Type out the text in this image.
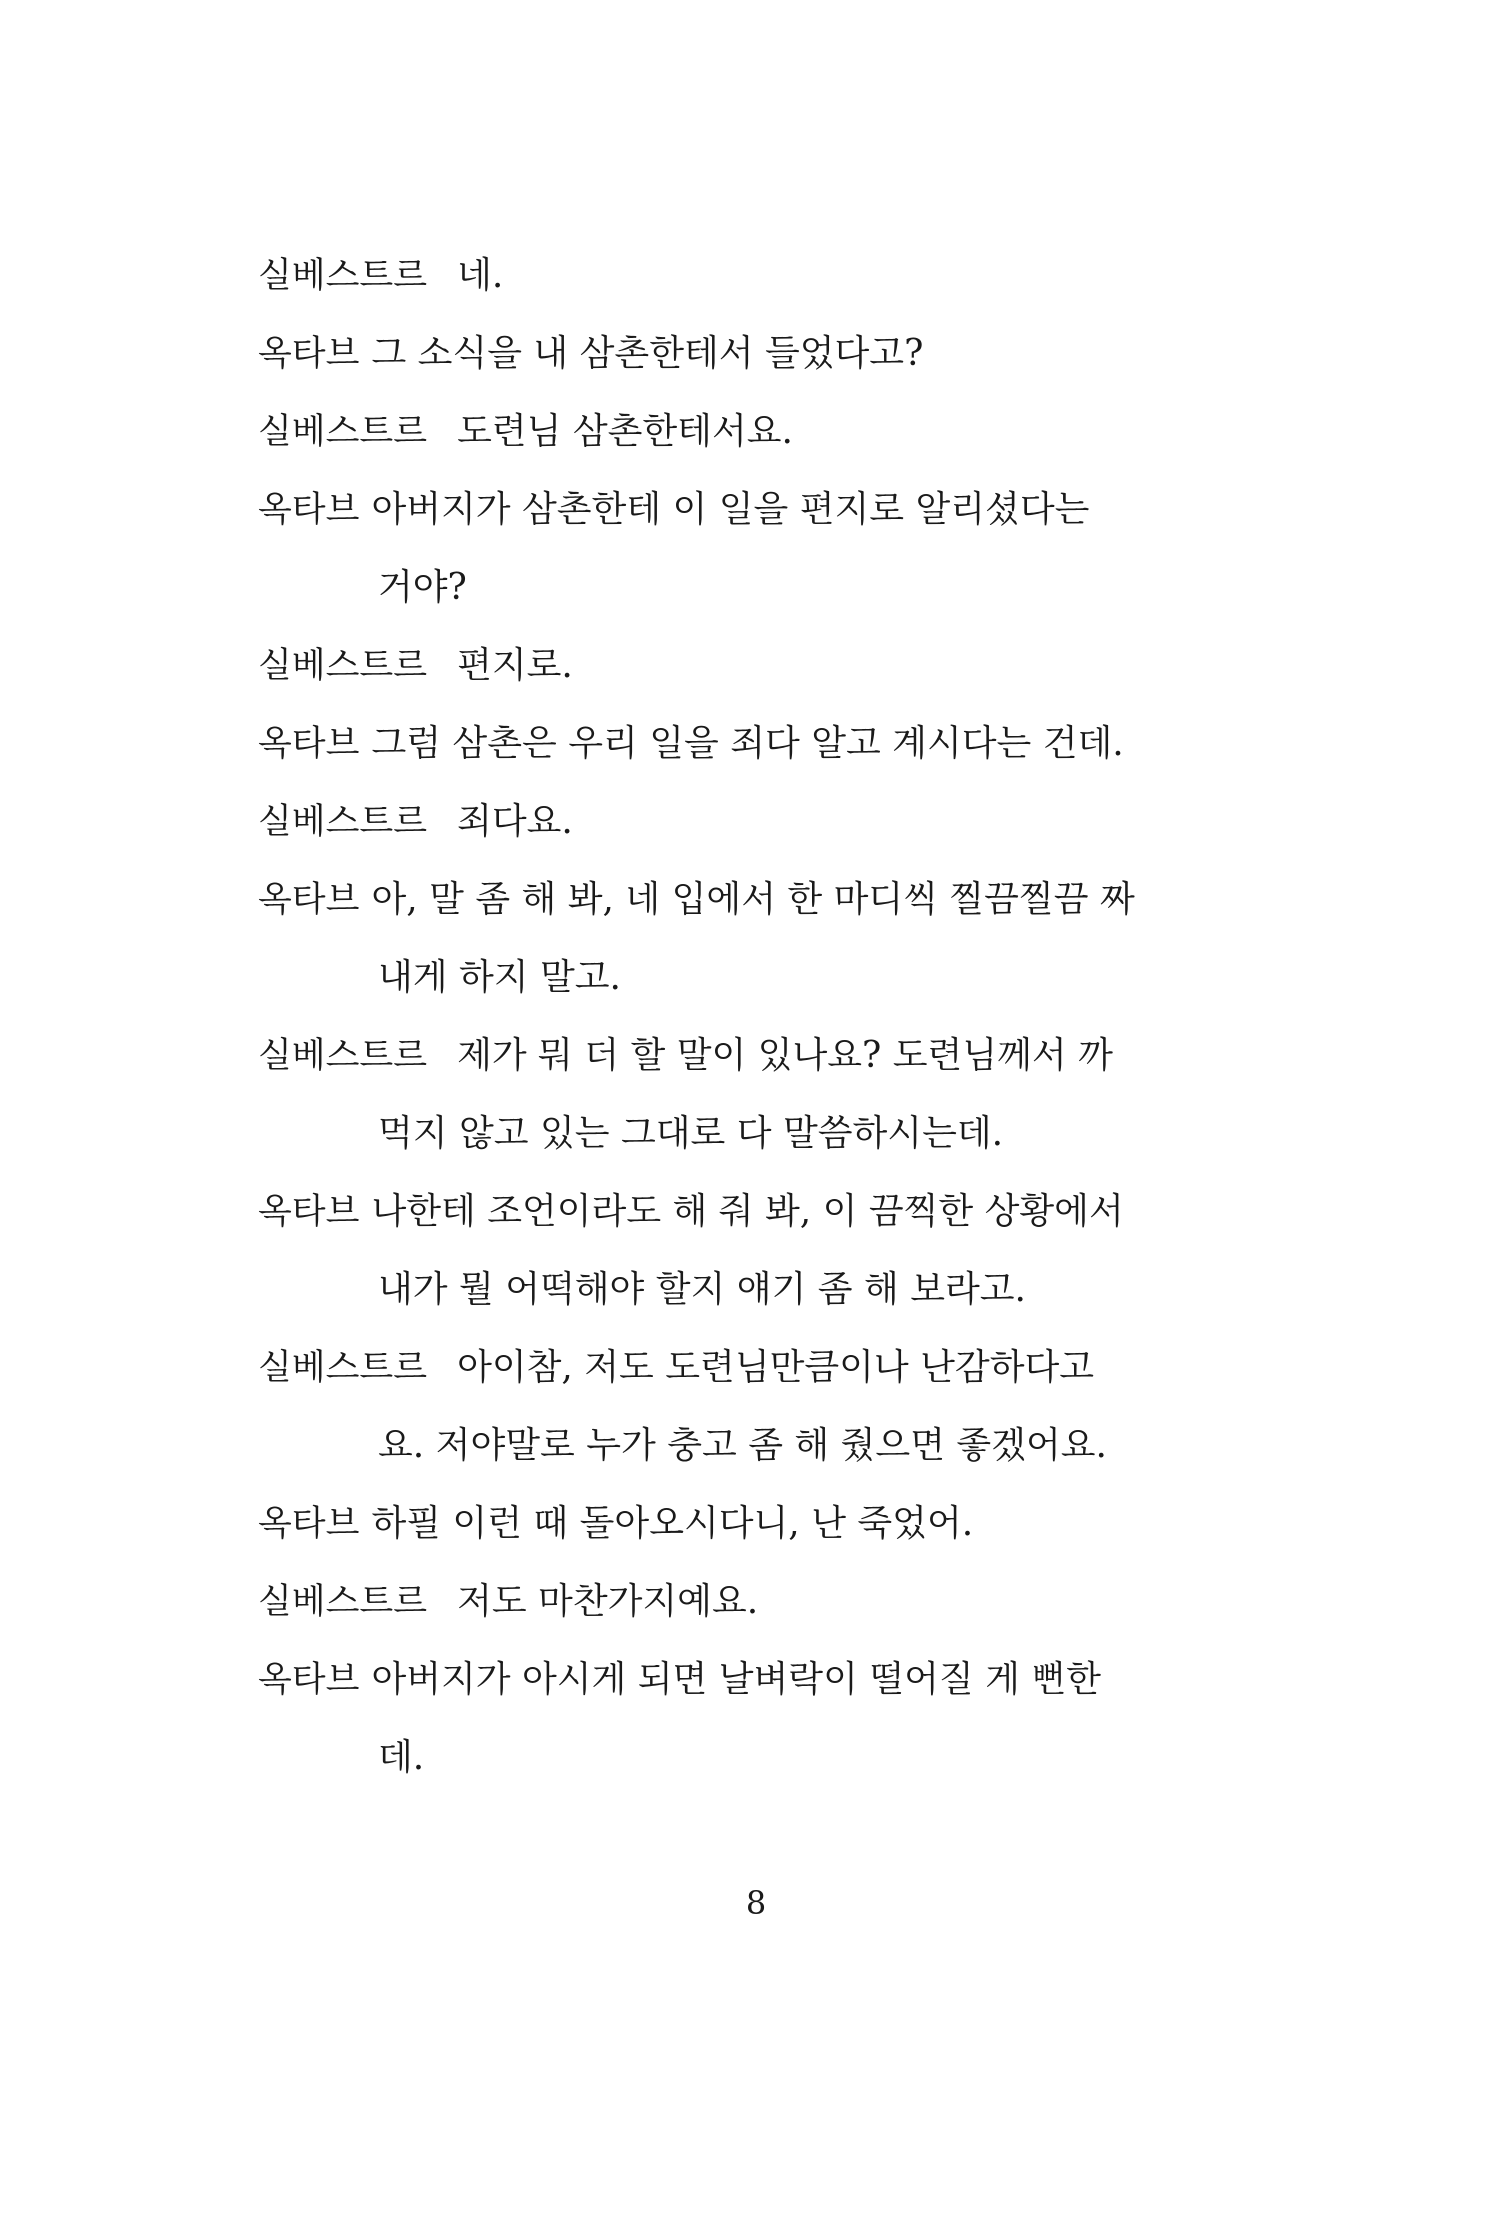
실베스트르 네.
옥타브 그 소식을 내 삼촌한테서 들었다고?
실베스트르 도련님 삼촌한테서요.
옥타브 아버지가 삼촌한테 이 일을 편지로 알리셨다는
거야?
실베스트르 편지로.
옥타브 그럼 삼촌은 우리 일을 죄다 알고 계시다는 건데.
실베스트르 죄다요.
옥타브 아, 말 좀 해 봐, 네 입에서 한 마디씩 찔끔찔끔 짜
내게 하지 말고.
실베스트르 제가 뭐 더 할 말이 있나요? 도련님께서 까
먹지 않고 있는 그대로 다 말씀하시는데.
옥타브 나한테 조언이라도 해 줘 봐, 이 끔찍한 상황에서
내가 뭘 어떡해야 할지 얘기 좀 해 보라고.
실베스트르 아이참, 저도 도련님만큼이나 난감하다고
요. 저야말로 누가 충고 좀 해 줬으면 좋겠어요.
옥타브 하필 이런 때 돌아오시다니, 난 죽었어.
실베스트르 저도 마찬가지예요.
옥타브 아버지가 아시게 되면 날벼락이 떨어질 게 뻔한
데.
8
